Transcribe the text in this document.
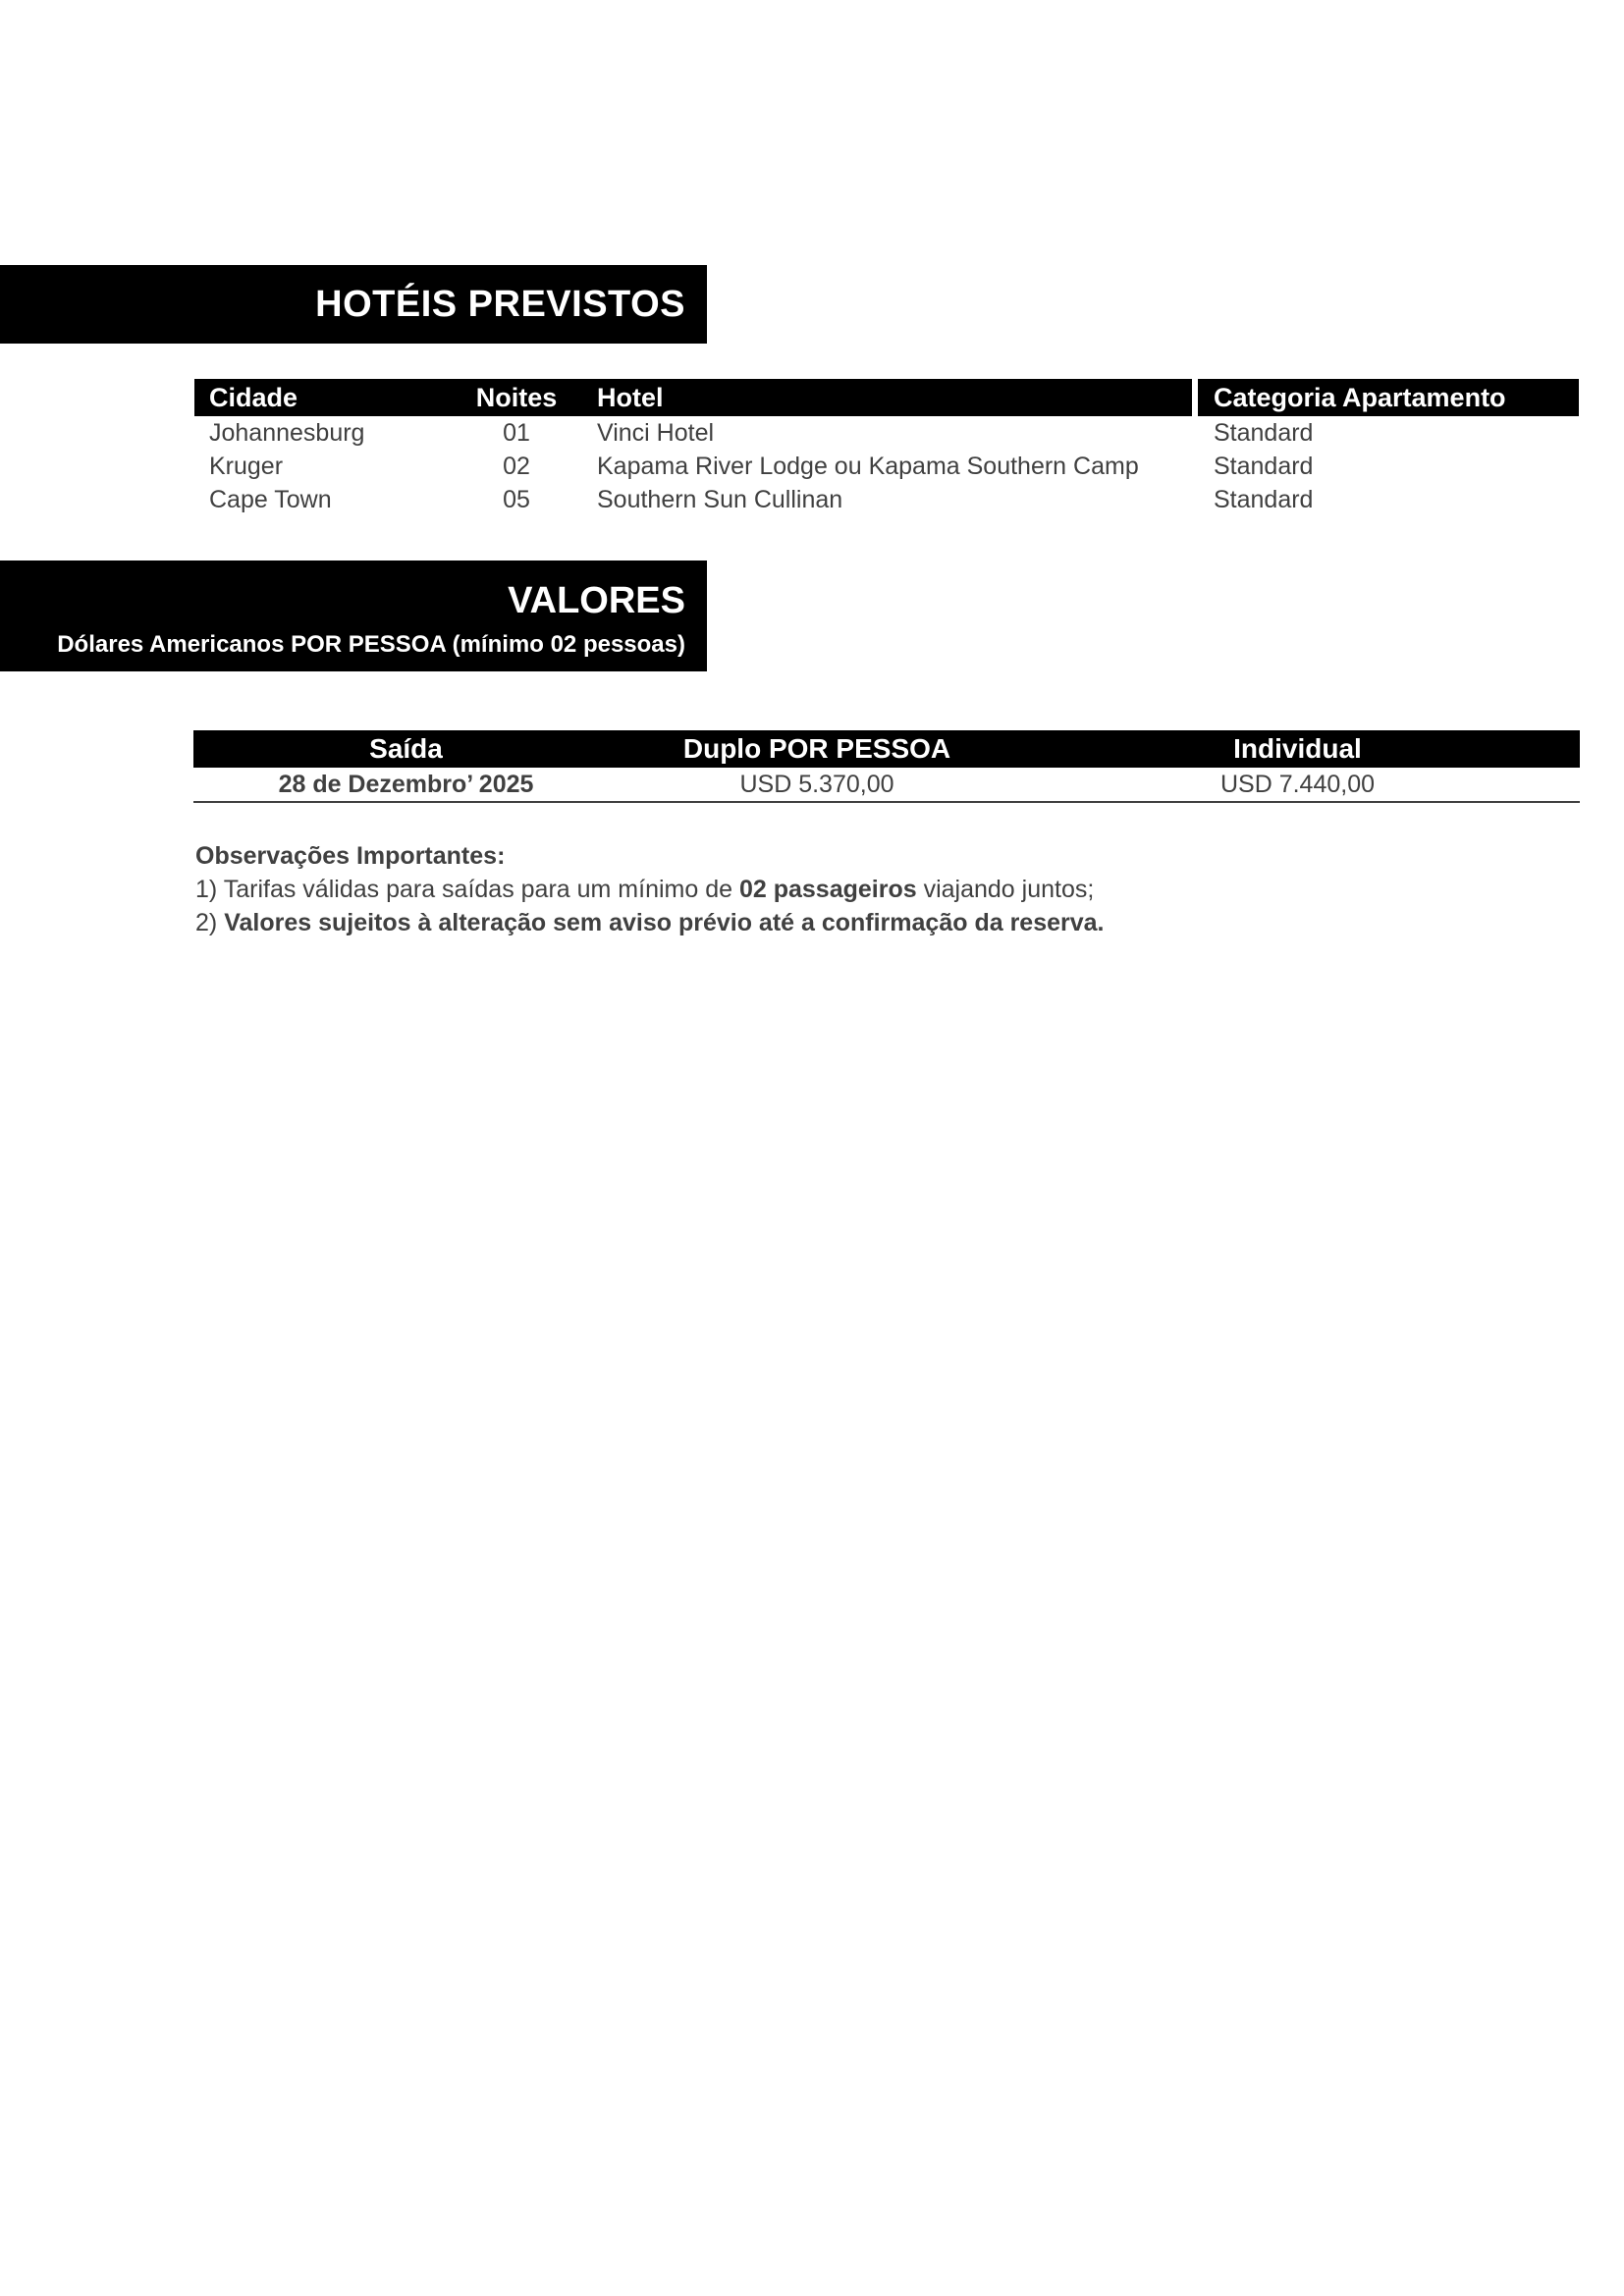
HOTÉIS PREVISTOS
Cidade	Noites	Hotel	Categoria Apartamento
Johannesburg	01	Vinci Hotel	Standard
Kruger	02	Kapama River Lodge ou Kapama Southern Camp	Standard
Cape Town	05	Southern Sun Cullinan	Standard
VALORES
Dólares Americanos POR PESSOA (mínimo 02 pessoas)
Saída	Duplo POR PESSOA	Individual
28 de Dezembro’ 2025	USD 5.370,00	USD 7.440,00
Observações Importantes:
1) Tarifas válidas para saídas para um mínimo de 02 passageiros viajando juntos;
2) Valores sujeitos à alteração sem aviso prévio até a confirmação da reserva.
